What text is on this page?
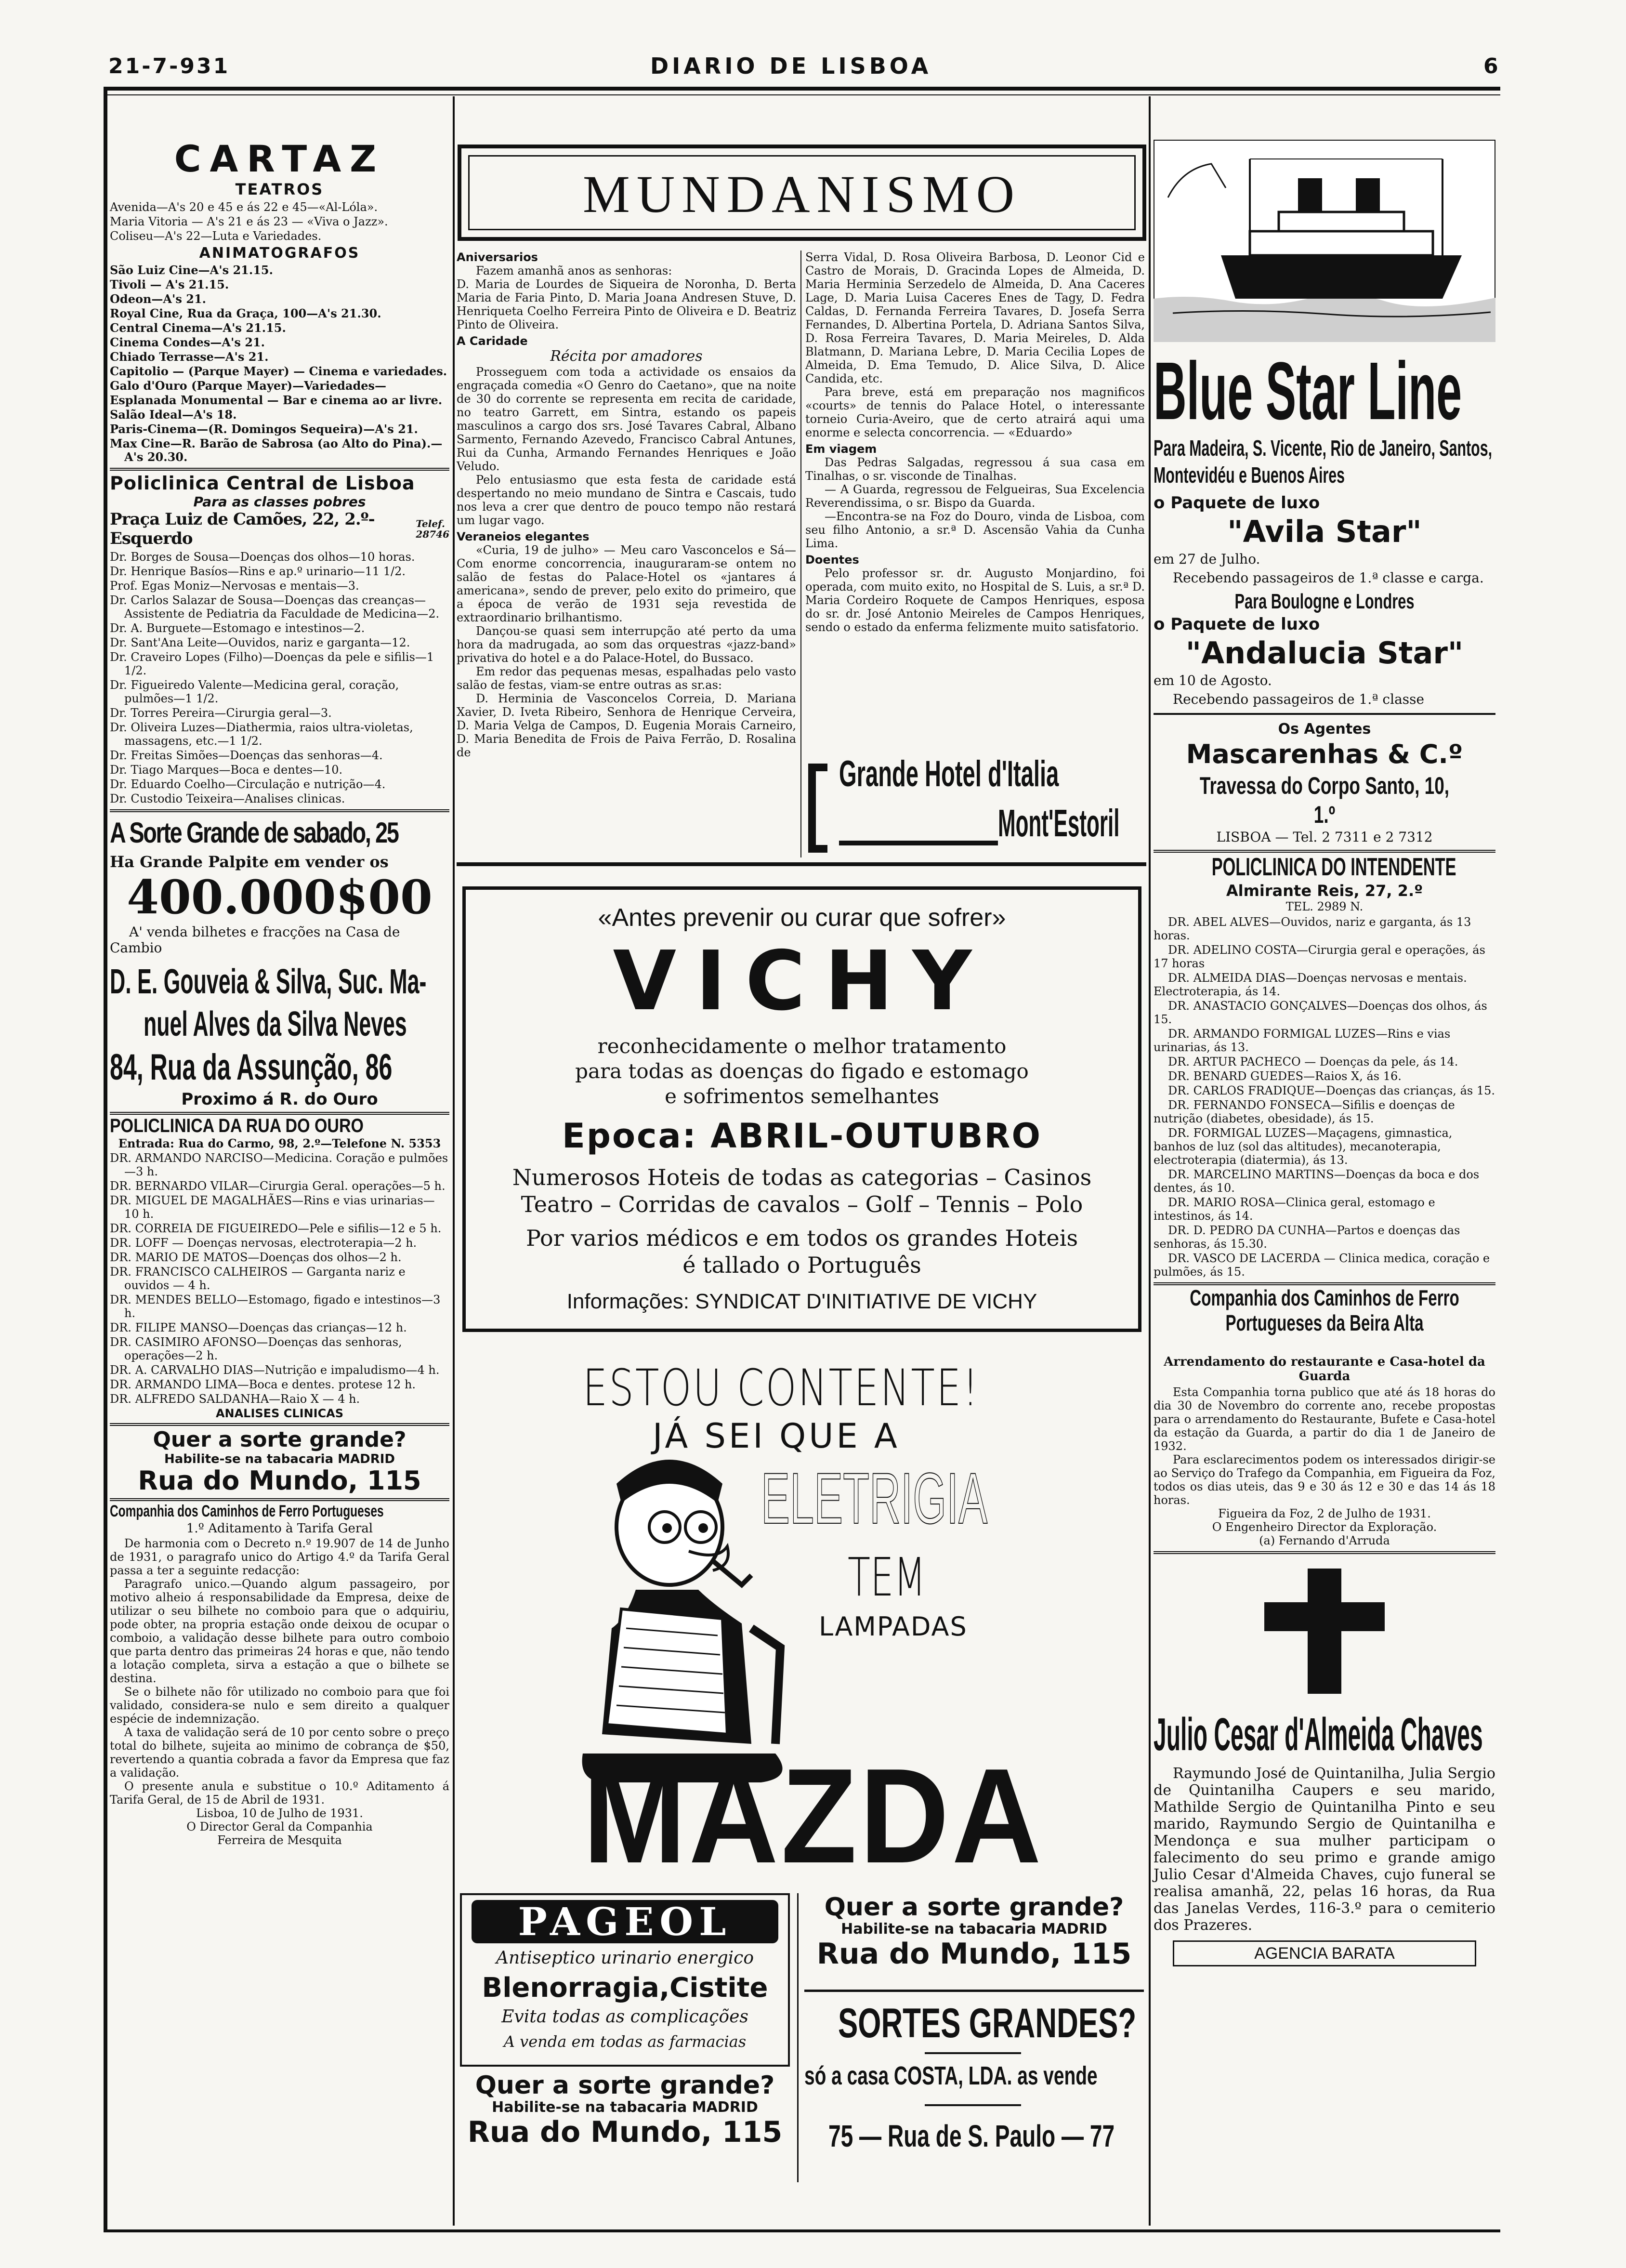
21-7-931	DIARIO DE LISBOA	6
CARTAZ
TEATROS

Avenida—A's 20 e 45 e ás 22 e 45—«Al-Lóla».

Maria Vitoria — A's 21 e ás 23 — «Viva o Jazz».

Coliseu—A's 22—Luta e Variedades.

ANIMATOGRAFOS

São Luiz Cine—A's 21.15.

Tivoli — A's 21.15.

Odeon—A's 21.

Royal Cine, Rua da Graça, 100—A's 21.30.

Central Cinema—A's 21.15.

Cinema Condes—A's 21.

Chiado Terrasse—A's 21.

Capitolio — (Parque Mayer) — Cinema e variedades.

Galo d'Ouro (Parque Mayer)—Variedades—

Esplanada Monumental — Bar e cinema ao ar livre.

Salão Ideal—A's 18.

Paris-Cinema—(R. Domingos Sequeira)—A's 21.

Max Cine—R. Barão de Sabrosa (ao Alto do Pina).—A's 20.30.

Policlinica Central de Lisboa
Para as classes pobres
Praça Luiz de Camões, 22, 2.º-Esquerdo
Telef. 28746

Dr. Borges de Sousa—Doenças dos olhos—10 horas.

Dr. Henrique Basíos—Rins e ap.º urinario—11 1/2.

Prof. Egas Moniz—Nervosas e mentais—3.

Dr. Carlos Salazar de Sousa—Doenças das creanças—Assistente de Pediatria da Faculdade de Medicina—2.

Dr. A. Burguete—Estomago e intestinos—2.

Dr. Sant'Ana Leite—Ouvidos, nariz e garganta—12.

Dr. Craveiro Lopes (Filho)—Doenças da pele e sifilis—1 1/2.

Dr. Figueiredo Valente—Medicina geral, coração, pulmões—1 1/2.

Dr. Torres Pereira—Cirurgia geral—3.

Dr. Oliveira Luzes—Diathermia, raios ultra-violetas, massagens, etc.—1 1/2.

Dr. Freitas Simões—Doenças das senhoras—4.

Dr. Tiago Marques—Boca e dentes—10.

Dr. Eduardo Coelho—Circulação e nutrição—4.

Dr. Custodio Teixeira—Analises clinicas.

A Sorte Grande de sabado, 25
Ha Grande Palpite em vender os
400.000$00
A' venda bilhetes e fracções na Casa de Cambio
D. E. Gouveia & Silva, Suc. Ma-
nuel Alves da Silva Neves
84, Rua da Assunção, 86
Proximo á R. do Ouro
POLICLINICA DA RUA DO OURO
Entrada: Rua do Carmo, 98, 2.º—Telefone N. 5353

DR. ARMANDO NARCISO—Medicina. Coração e pulmões—3 h.

DR. BERNARDO VILAR—Cirurgia Geral. operações—5 h.

DR. MIGUEL DE MAGALHÃES—Rins e vias urinarias—10 h.

DR. CORREIA DE FIGUEIREDO—Pele e sifilis—12 e 5 h.

DR. LOFF — Doenças nervosas, electroterapia—2 h.

DR. MARIO DE MATOS—Doenças dos olhos—2 h.

DR. FRANCISCO CALHEIROS — Garganta nariz e ouvidos — 4 h.

DR. MENDES BELLO—Estomago, figado e intestinos—3 h.

DR. FILIPE MANSO—Doenças das crianças—12 h.

DR. CASIMIRO AFONSO—Doenças das senhoras, operações—2 h.

DR. A. CARVALHO DIAS—Nutrição e impaludismo—4 h.

DR. ARMANDO LIMA—Boca e dentes. protese 12 h.

DR. ALFREDO SALDANHA—Raio X — 4 h.

ANALISES CLINICAS

Quer a sorte grande?
Habilite-se na tabacaria MADRID
Rua do Mundo, 115
Companhia dos Caminhos de Ferro Portugueses
1.º Aditamento à Tarifa Geral

De harmonia com o Decreto n.º 19.907 de 14 de Junho de 1931, o paragrafo unico do Artigo 4.º da Tarifa Geral passa a ter a seguinte redacção:

Paragrafo unico.—Quando algum passageiro, por motivo alheio á responsabilidade da Empresa, deixe de utilizar o seu bilhete no comboio para que o adquiriu, pode obter, na propria estação onde deixou de ocupar o comboio, a validação desse bilhete para outro comboio que parta dentro das primeiras 24 horas e que, não tendo a lotação completa, sirva a estação a que o bilhete se destina.

Se o bilhete não fôr utilizado no comboio para que foi validado, considera-se nulo e sem direito a qualquer espécie de indemnização.

A taxa de validação será de 10 por cento sobre o preço total do bilhete, sujeita ao minimo de cobrança de $50, revertendo a quantia cobrada a favor da Empresa que faz a validação.

O presente anula e substitue o 10.º Aditamento á Tarifa Geral, de 15 de Abril de 1931.

Lisboa, 10 de Julho de 1931.

O Director Geral da Companhia

Ferreira de Mesquita

MUNDANISMO

Aniversarios

Fazem amanhã anos as senhoras:

D. Maria de Lourdes de Siqueira de Noronha, D. Berta Maria de Faria Pinto, D. Maria Joana Andresen Stuve, D. Henriqueta Coelho Ferreira Pinto de Oliveira e D. Beatriz Pinto de Oliveira.

A Caridade

Récita por amadores

Prosseguem com toda a actividade os ensaios da engraçada comedia «O Genro do Caetano», que na noite de 30 do corrente se representa em recita de caridade, no teatro Garrett, em Sintra, estando os papeis masculinos a cargo dos srs. José Tavares Cabral, Albano Sarmento, Fernando Azevedo, Francisco Cabral Antunes, Rui da Cunha, Armando Fernandes Henriques e João Veludo.

Pelo entusiasmo que esta festa de caridade está despertando no meio mundano de Sintra e Cascais, tudo nos leva a crer que dentro de pouco tempo não restará um lugar vago.

Veraneios elegantes

«Curia, 19 de julho» — Meu caro Vasconcelos e Sá—Com enorme concorrencia, inauguraram-se ontem no salão de festas do Palace-Hotel os «jantares á americana», sendo de prever, pelo exito do primeiro, que a época de verão de 1931 seja revestida de extraordinario brilhantismo.

Dançou-se quasi sem interrupção até perto da uma hora da madrugada, ao som das orquestras «jazz-band» privativa do hotel e a do Palace-Hotel, do Bussaco.

Em redor das pequenas mesas, espalhadas pelo vasto salão de festas, viam-se entre outras as sr.as:

D. Herminia de Vasconcelos Correia, D. Mariana Xavier, D. Iveta Ribeiro, Senhora de Henrique Cerveira, D. Maria Velga de Campos, D. Eugenia Morais Carneiro, D. Maria Benedita de Frois de Paiva Ferrão, D. Rosalina de

Serra Vidal, D. Rosa Oliveira Barbosa, D. Leonor Cid e Castro de Morais, D. Gracinda Lopes de Almeida, D. Maria Herminia Serzedelo de Almeida, D. Ana Caceres Lage, D. Maria Luisa Caceres Enes de Tagy, D. Fedra Caldas, D. Fernanda Ferreira Tavares, D. Josefa Serra Fernandes, D. Albertina Portela, D. Adriana Santos Silva, D. Rosa Ferreira Tavares, D. Maria Meireles, D. Alda Blatmann, D. Mariana Lebre, D. Maria Cecilia Lopes de Almeida, D. Ema Temudo, D. Alice Silva, D. Alice Candida, etc.

Para breve, está em preparação nos magnificos «courts» de tennis do Palace Hotel, o interessante torneio Curia-Aveiro, que de certo atrairá aqui uma enorme e selecta concorrencia. — «Eduardo»

Em viagem

Das Pedras Salgadas, regressou á sua casa em Tinalhas, o sr. visconde de Tinalhas.

— A Guarda, regressou de Felgueiras, Sua Excelencia Reverendissima, o sr. Bispo da Guarda.

—Encontra-se na Foz do Douro, vinda de Lisboa, com seu filho Antonio, a sr.ª D. Ascensão Vahia da Cunha Lima.

Doentes

Pelo professor sr. dr. Augusto Monjardino, foi operada, com muito exito, no Hospital de S. Luis, a sr.ª D. Maria Cordeiro Roquete de Campos Henriques, esposa do sr. dr. José Antonio Meireles de Campos Henriques, sendo o estado da enferma felizmente muito satisfatorio.

Grande Hotel d'Italia
Mont'Estoril
«Antes prevenir ou curar que sofrer»
VICHY
reconhecidamente o melhor tratamento
para todas as doenças do figado e estomago
e sofrimentos semelhantes
Epoca: ABRIL-OUTUBRO
Numerosos Hoteis de todas as categorias – Casinos
Teatro – Corridas de cavalos – Golf – Tennis – Polo
Por varios médicos e em todos os grandes Hoteis
é tallado o Português
Informações: SYNDICAT D'INITIATIVE DE VICHY
ESTOU CONTENTE!
JÁ SEI QUE A
ELETRIGIA
TEM
LAMPADAS
MAZDA
PAGEOL
Antiseptico urinario energico
Blenorragia,Cistite
Evita todas as complicações
A venda em todas as farmacias
Quer a sorte grande?
Habilite-se na tabacaria MADRID
Rua do Mundo, 115
Quer a sorte grande?
Habilite-se na tabacaria MADRID
Rua do Mundo, 115
SORTES GRANDES?
só a casa COSTA, LDA. as vende
75 — Rua de S. Paulo — 77
Blue Star Line
Para Madeira, S. Vicente, Rio de Janeiro, Santos, Montevidéu e Buenos Aires
o Paquete de luxo
"Avila Star"
em 27 de Julho.
Recebendo passageiros de 1.ª classe e carga.
Para Boulogne e Londres
o Paquete de luxo
"Andalucia Star"
em 10 de Agosto.
Recebendo passageiros de 1.ª classe
Os Agentes
Mascarenhas & C.º
Travessa do Corpo Santo, 10, 1.º
LISBOA — Tel. 2 7311 e 2 7312
POLICLINICA DO INTENDENTE
Almirante Reis, 27, 2.º
TEL. 2989 N.

DR. ABEL ALVES—Ouvidos, nariz e garganta, ás 13 horas.

DR. ADELINO COSTA—Cirurgia geral e operações, ás 17 horas

DR. ALMEIDA DIAS—Doenças nervosas e mentais. Electroterapia, ás 14.

DR. ANASTACIO GONÇALVES—Doenças dos olhos, ás 15.

DR. ARMANDO FORMIGAL LUZES—Rins e vias urinarias, ás 13.

DR. ARTUR PACHECO — Doenças da pele, ás 14.

DR. BENARD GUEDES—Raios X, ás 16.

DR. CARLOS FRADIQUE—Doenças das crianças, ás 15.

DR. FERNANDO FONSECA—Sifilis e doenças de nutrição (diabetes, obesidade), ás 15.

DR. FORMIGAL LUZES—Maçagens, gimnastica, banhos de luz (sol das altitudes), mecanoterapia, electroterapia (diatermia), ás 13.

DR. MARCELINO MARTINS—Doenças da boca e dos dentes, ás 10.

DR. MARIO ROSA—Clinica geral, estomago e intestinos, ás 14.

DR. D. PEDRO DA CUNHA—Partos e doenças das senhoras, ás 15.30.

DR. VASCO DE LACERDA — Clinica medica, coração e pulmões, ás 15.

Companhia dos Caminhos de Ferro Portugueses da Beira Alta
Arrendamento do restaurante e Casa-hotel da Guarda

Esta Companhia torna publico que até ás 18 horas do dia 30 de Novembro do corrente ano, recebe propostas para o arrendamento do Restaurante, Bufete e Casa-hotel da estação da Guarda, a partir do dia 1 de Janeiro de 1932.

Para esclarecimentos podem os interessados dirigir-se ao Serviço do Trafego da Companhia, em Figueira da Foz, todos os dias uteis, das 9 e 30 ás 12 e 30 e das 14 ás 18 horas.

Figueira da Foz, 2 de Julho de 1931.

O Engenheiro Director da Exploração.

(a) Fernando d'Arruda

Julio Cesar d'Almeida Chaves
Raymundo José de Quintanilha, Julia Sergio de Quintanilha Caupers e seu marido, Mathilde Sergio de Quintanilha Pinto e seu marido, Raymundo Sergio de Quintanilha e Mendonça e sua mulher participam o falecimento do seu primo e grande amigo Julio Cesar d'Almeida Chaves, cujo funeral se realisa amanhã, 22, pelas 16 horas, da Rua das Janelas Verdes, 116-3.º para o cemiterio dos Prazeres.
AGENCIA BARATA
